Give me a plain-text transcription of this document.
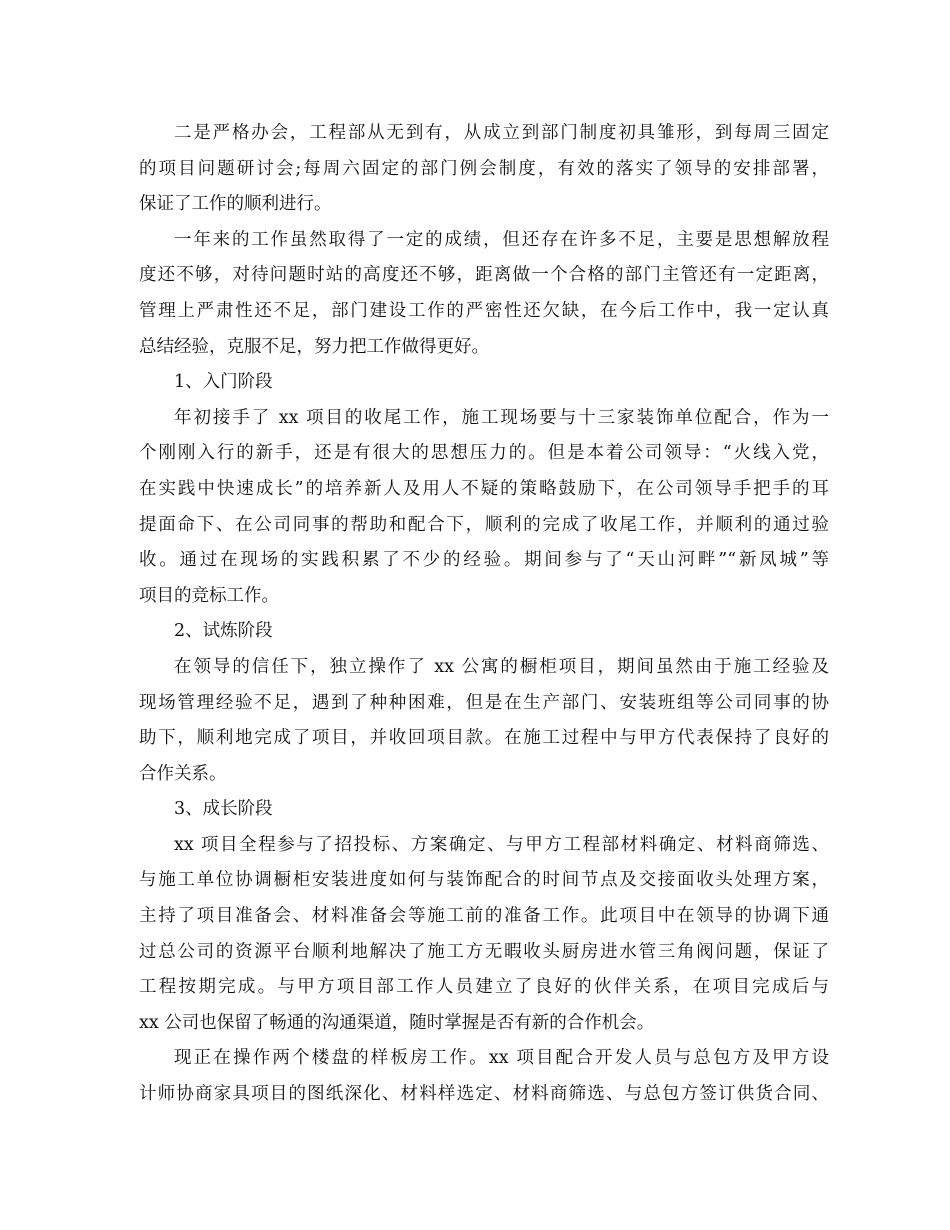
二是严格办会，工程部从无到有，从成立到部门制度初具雏形，到每周三固定
的项目问题研讨会;每周六固定的部门例会制度，有效的落实了领导的安排部署，
保证了工作的顺利进行。
一年来的工作虽然取得了一定的成绩，但还存在许多不足，主要是思想解放程
度还不够，对待问题时站的高度还不够，距离做一个合格的部门主管还有一定距离，
管理上严肃性还不足，部门建设工作的严密性还欠缺，在今后工作中，我一定认真
总结经验，克服不足，努力把工作做得更好。
1、入门阶段
年初接手了 xx 项目的收尾工作，施工现场要与十三家装饰单位配合，作为一
个刚刚入行的新手，还是有很大的思想压力的。但是本着公司领导：“火线入党，
在实践中快速成长”的培养新人及用人不疑的策略鼓励下，在公司领导手把手的耳
提面命下、在公司同事的帮助和配合下，顺利的完成了收尾工作，并顺利的通过验
收。通过在现场的实践积累了不少的经验。期间参与了“天山河畔”“新凤城”等
项目的竞标工作。
2、试炼阶段
在领导的信任下，独立操作了 xx 公寓的橱柜项目，期间虽然由于施工经验及
现场管理经验不足，遇到了种种困难，但是在生产部门、安装班组等公司同事的协
助下，顺利地完成了项目，并收回项目款。在施工过程中与甲方代表保持了良好的
合作关系。
3、成长阶段
xx 项目全程参与了招投标、方案确定、与甲方工程部材料确定、材料商筛选、
与施工单位协调橱柜安装进度如何与装饰配合的时间节点及交接面收头处理方案，
主持了项目准备会、材料准备会等施工前的准备工作。此项目中在领导的协调下通
过总公司的资源平台顺利地解决了施工方无暇收头厨房进水管三角阀问题，保证了
工程按期完成。与甲方项目部工作人员建立了良好的伙伴关系，在项目完成后与
xx 公司也保留了畅通的沟通渠道，随时掌握是否有新的合作机会。
现正在操作两个楼盘的样板房工作。xx 项目配合开发人员与总包方及甲方设
计师协商家具项目的图纸深化、材料样选定、材料商筛选、与总包方签订供货合同、
